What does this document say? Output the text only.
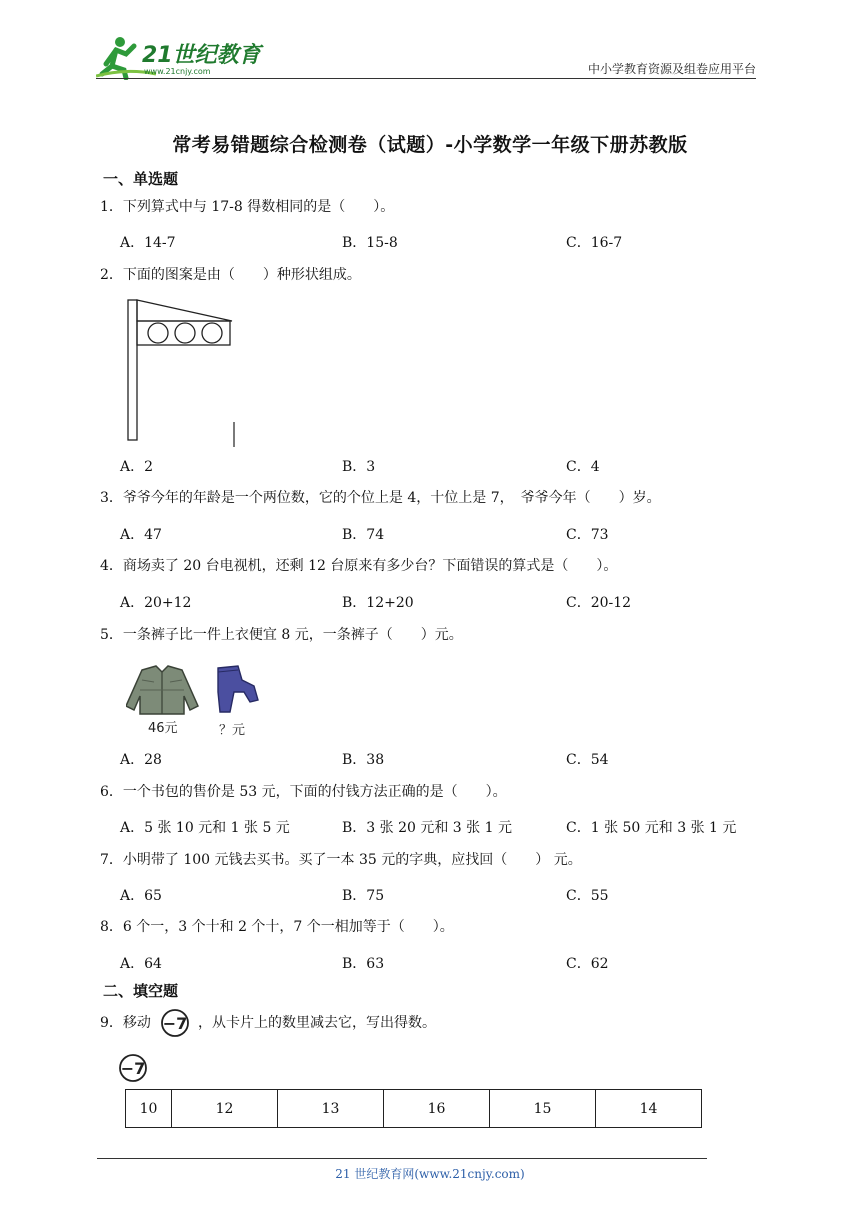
21世纪教育
www.21cnjy.com	中小学教育资源及组卷应用平台
常考易错题综合检测卷（试题）-小学数学一年级下册苏教版
一、单选题
1．下列算式中与 17-8 得数相同的是（　　）。
A．14-7	B．15-8	C．16-7
2．下面的图案是由（　　）种形状组成。
A．2	B．3	C．4
3．爷爷今年的年龄是一个两位数，它的个位上是 4，十位上是 7，　爷爷今年（　　）岁。
A．47	B．74	C．73
4．商场卖了 20 台电视机，还剩 12 台原来有多少台？下面错误的算式是（　　）。
A．20+12	B．12+20	C．20-12
5．一条裤子比一件上衣便宜 8 元，一条裤子（　　）元。
46元	？元
A．28	B．38	C．54
6．一个书包的售价是 53 元，下面的付钱方法正确的是（　　）。
A．5 张 10 元和 1 张 5 元	B．3 张 20 元和 3 张 1 元	C．1 张 50 元和 3 张 1 元
7．小明带了 100 元钱去买书。买了一本 35 元的字典，应找回（　　） 元。
A．65	B．75	C．55
8．6 个一，3 个十和 2 个十，7 个一相加等于（　　）。
A．64	B．63	C．62
二、填空题
9．移动 −7 ，从卡片上的数里减去它，写出得数。
−7
10	12	13	16	15	14
21 世纪教育网(www.21cnjy.com)
